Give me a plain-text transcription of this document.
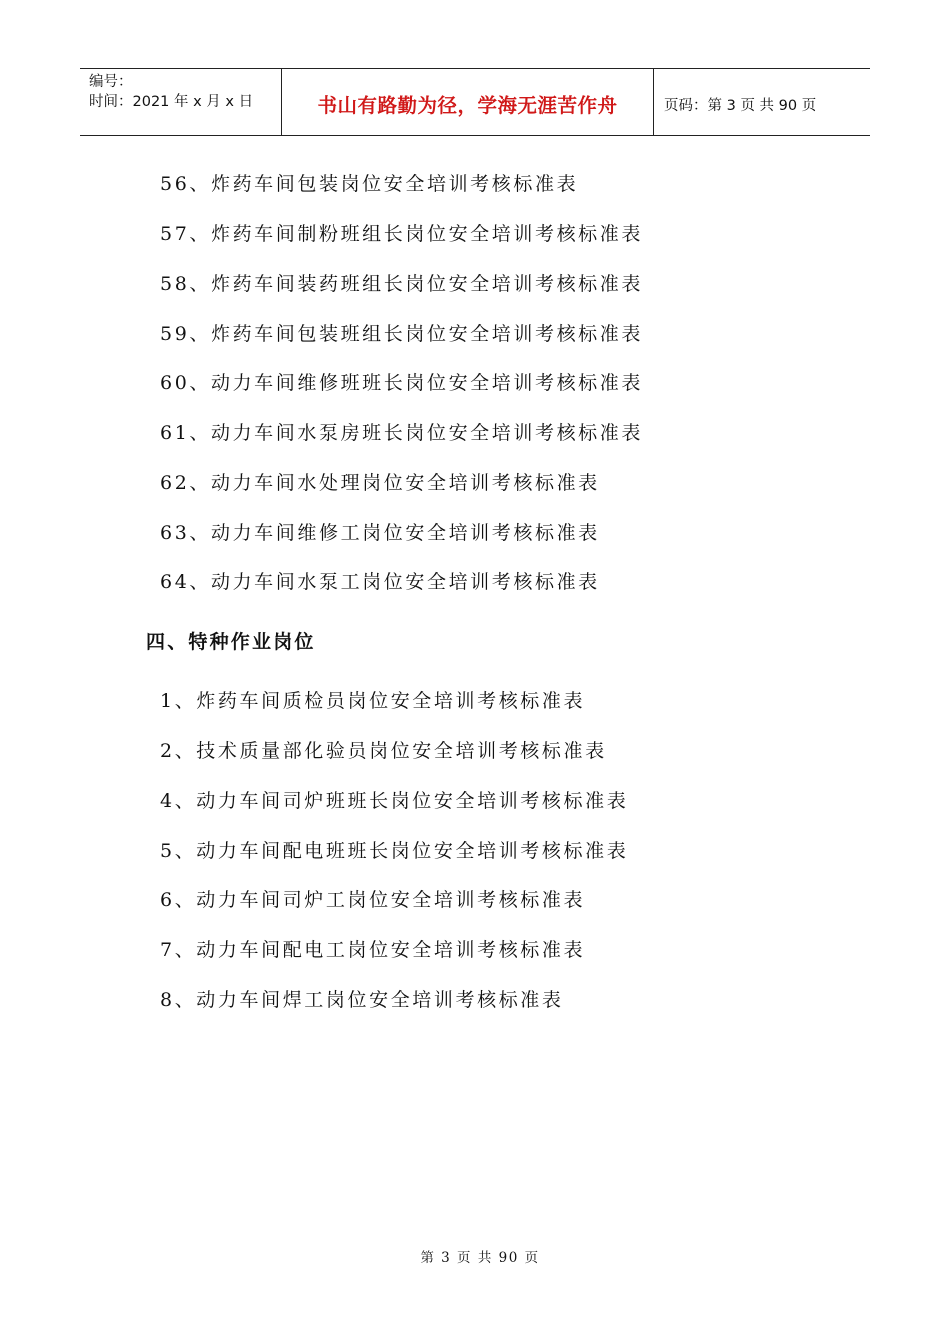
编号：
时间：2021 年 x 月 x 日	书山有路勤为径，学海无涯苦作舟	页码：第 3 页 共 90 页
56、炸药车间包装岗位安全培训考核标准表
57、炸药车间制粉班组长岗位安全培训考核标准表
58、炸药车间装药班组长岗位安全培训考核标准表
59、炸药车间包装班组长岗位安全培训考核标准表
60、动力车间维修班班长岗位安全培训考核标准表
61、动力车间水泵房班长岗位安全培训考核标准表
62、动力车间水处理岗位安全培训考核标准表
63、动力车间维修工岗位安全培训考核标准表
64、动力车间水泵工岗位安全培训考核标准表
四、特种作业岗位
1、炸药车间质检员岗位安全培训考核标准表
2、技术质量部化验员岗位安全培训考核标准表
4、动力车间司炉班班长岗位安全培训考核标准表
5、动力车间配电班班长岗位安全培训考核标准表
6、动力车间司炉工岗位安全培训考核标准表
7、动力车间配电工岗位安全培训考核标准表
8、动力车间焊工岗位安全培训考核标准表
第 3 页 共 90 页
